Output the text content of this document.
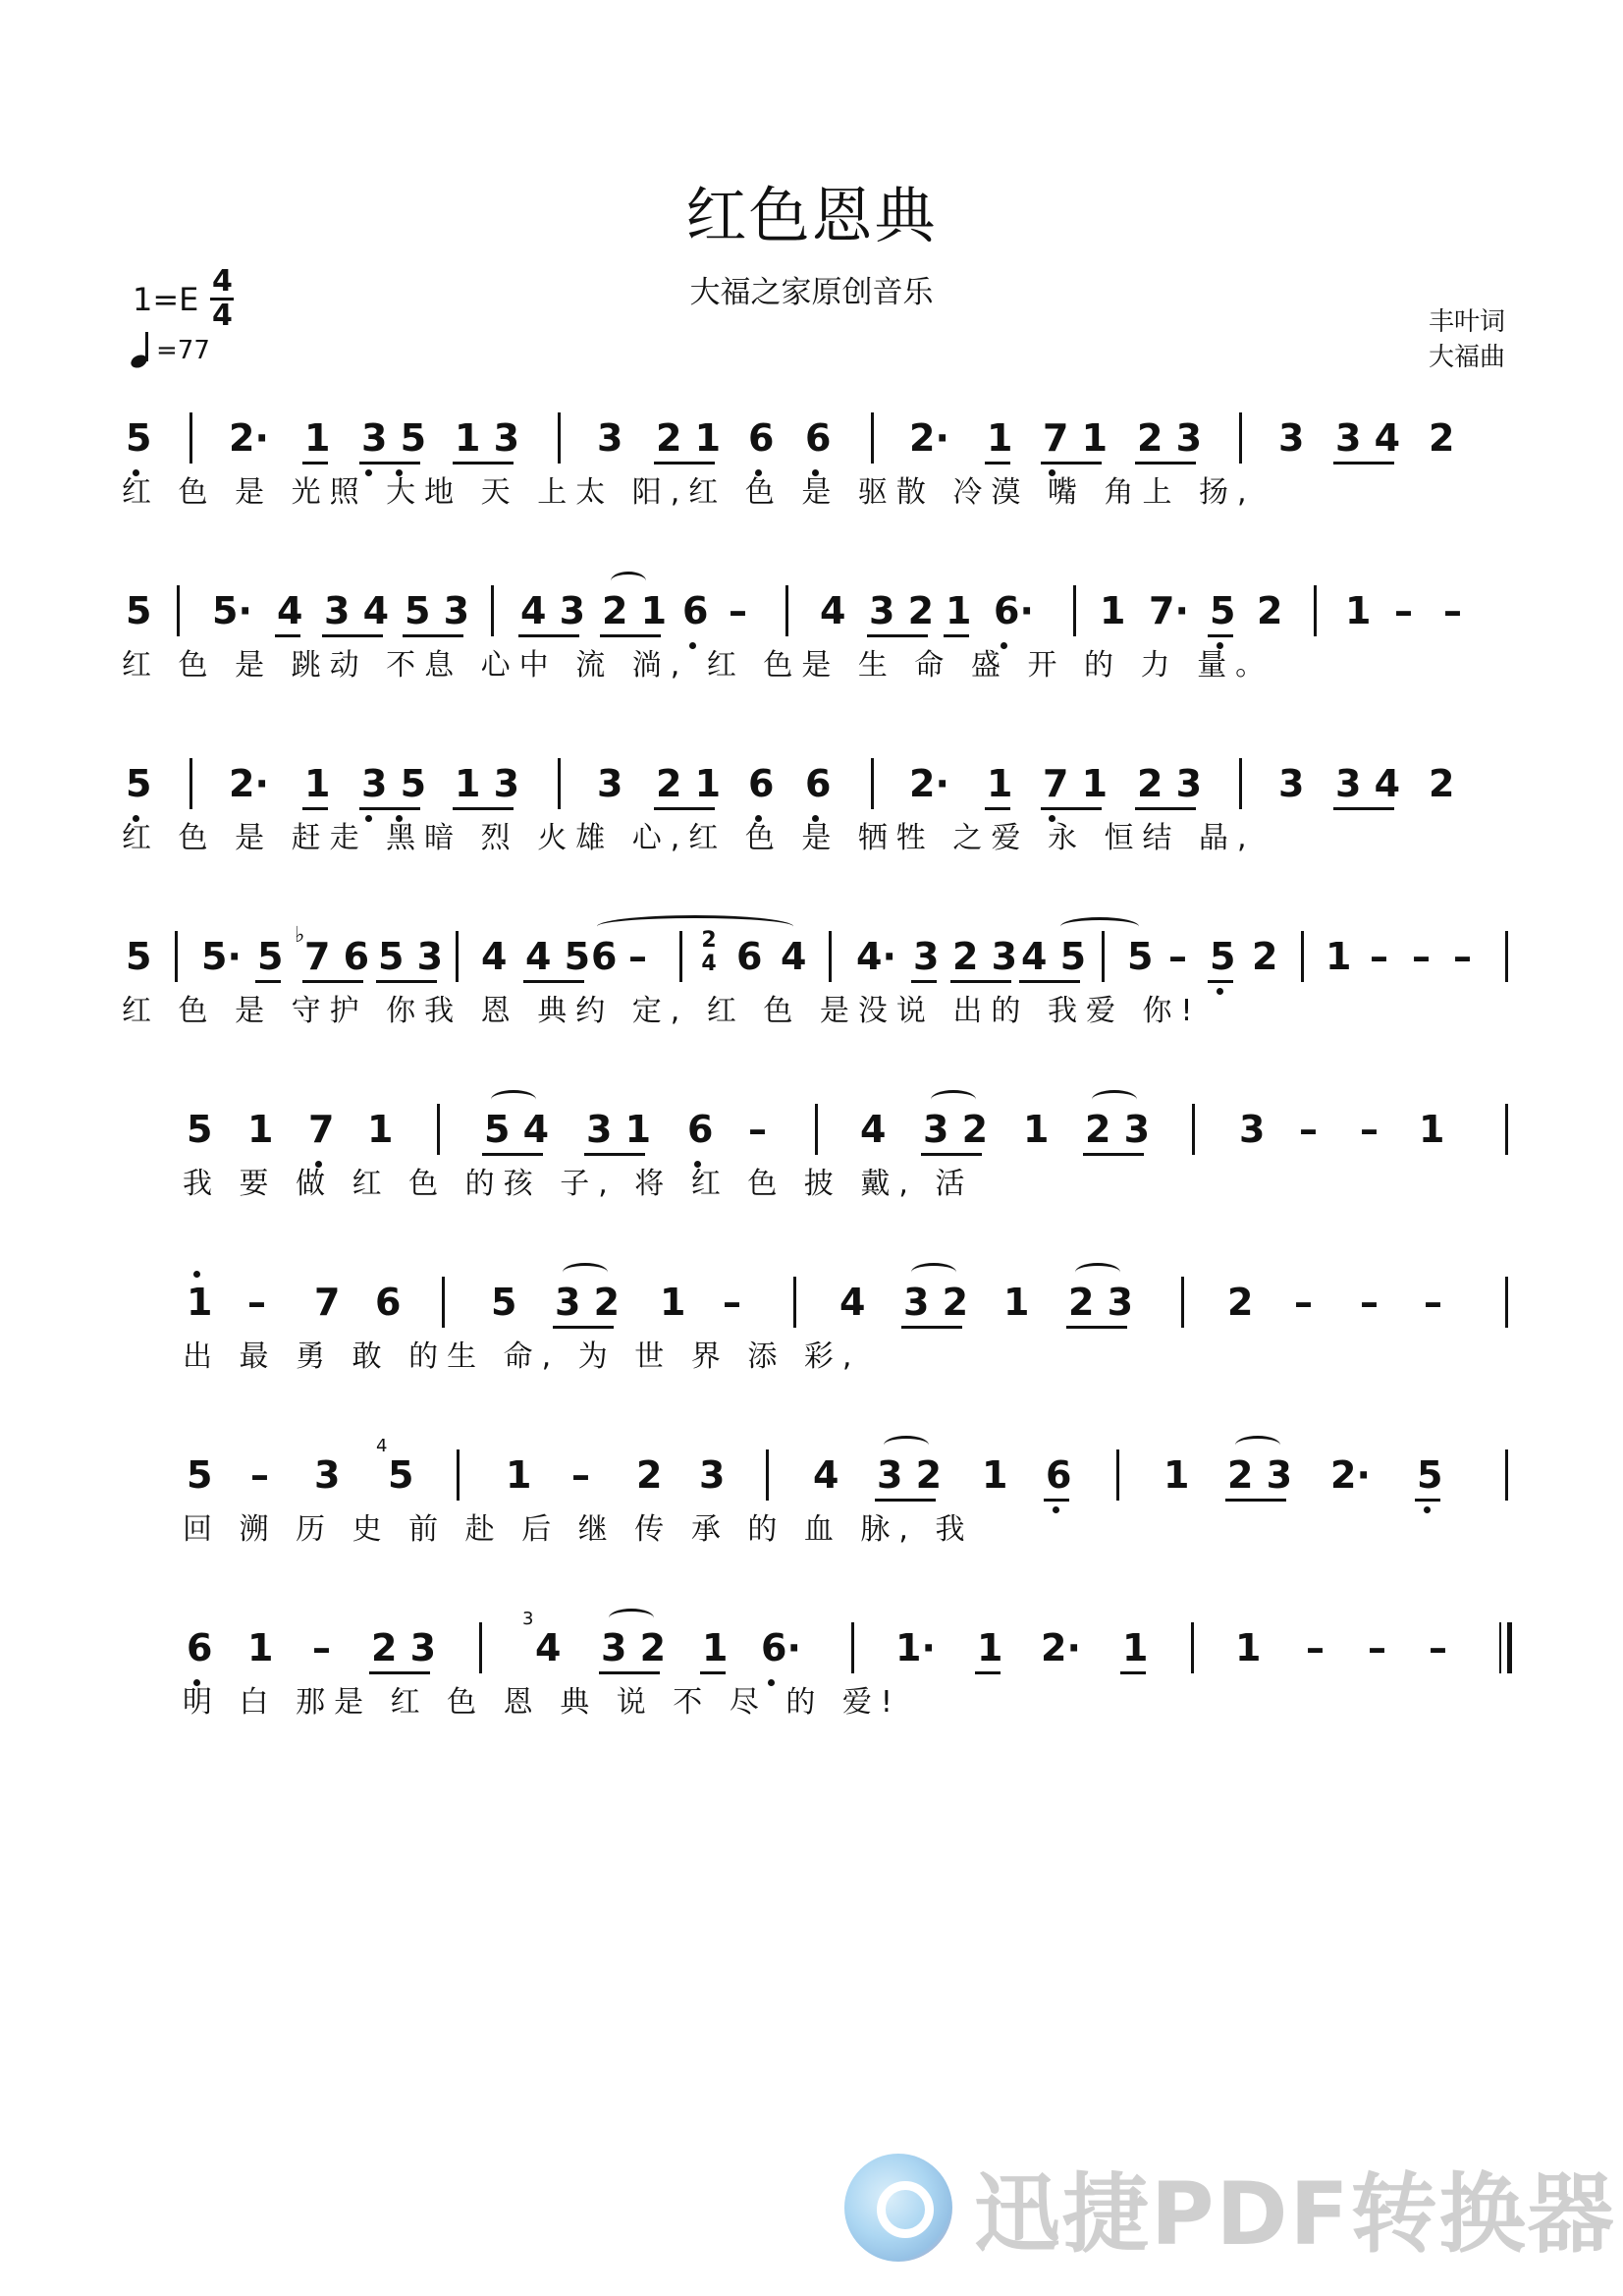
红色恩典
大福之家原创音乐
$1=E \frac{4}{4}$
=77
丰叶词
大福曲
5 2· 1 3 5 1 3 3 2 1 6 6 2· 1 7 1 2 3 3 3 4 2
红 色 是 光照 大地 天 上太 阳,红 色 是 驱散 冷漠 嘴 角上 扬,
5 5· 4 3 4 5 3 4 3 2 1 6 – 4 3 2 1 6· 1 7· 5 2 1 – –
红 色 是 跳动 不息 心中 流 淌, 红 色是 生 命 盛 开 的 力 量。
5 2· 1 3 5 1 3 3 2 1 6 6 2· 1 7 1 2 3 3 3 4 2
红 色 是 赶走 黑暗 烈 火雄 心,红 色 是 牺牲 之爱 永 恒结 晶,
5 5· 5 ♭ 7 6 5 3 4 4 5 6 –	2
4 6 4 4· 3 2 3 4 5 5 – 5 2 1 – – –
红 色 是 守护 你我 恩 典约 定, 红 色 是没说 出的 我爱 你!
5 1 7 1 5 4 3 1 6 –	4 3 2 1 2 3 3 – – 1
我 要 做 红 色 的孩 子, 将 红 色 披 戴, 活
1 – 7 6 5 3 2 1 –	4 3 2 1 2 3	2 – – –
出 最 勇 敢 的生 命, 为 世 界 添 彩,
5 – 3
4
5 1 – 2 3 4 3 2 1 6 1 2 3 2· 5
回 溯 历 史 前 赴 后 继 传 承 的 血 脉, 我
6 1 – 2 3
3
4 3 2 1 6·	1· 1 2· 1 1 – – –
明 白 那是 红 色 恩 典 说 不 尽 的 爱!
迅捷PDF转换器
